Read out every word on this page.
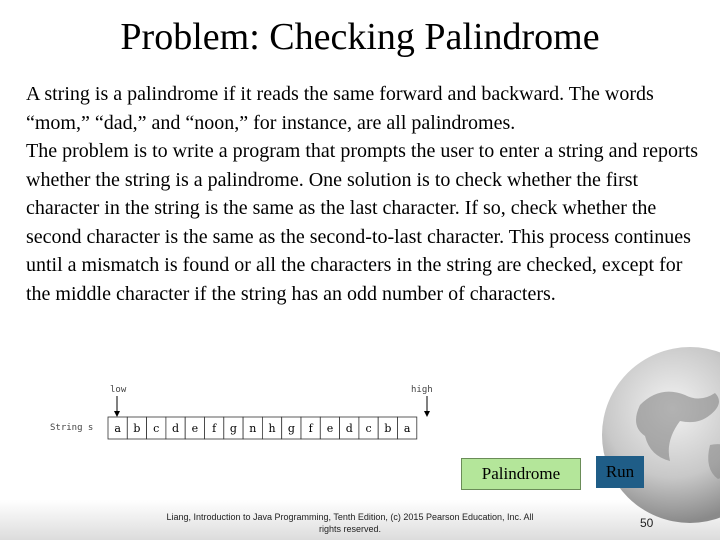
Problem: Checking Palindrome

A string is a palindrome if it reads the same forward and backward. The words “mom,” “dad,” and “noon,” for instance, are all palindromes.

The problem is to write a program that prompts the user to enter a string and reports whether the string is a palindrome. One solution is to check whether the first character in the string is the same as the last character. If so, check whether the second character is the same as the second-to-last character. This process continues until a mismatch is found or all the characters in the string are checked, except for the middle character if the string has an odd number of characters.

low	high
String s a b c d e f g n h g f e d c b a
Palindrome	Run
Liang, Introduction to Java Programming, Tenth Edition, (c) 2015 Pearson Education, Inc. All
rights reserved.	50
